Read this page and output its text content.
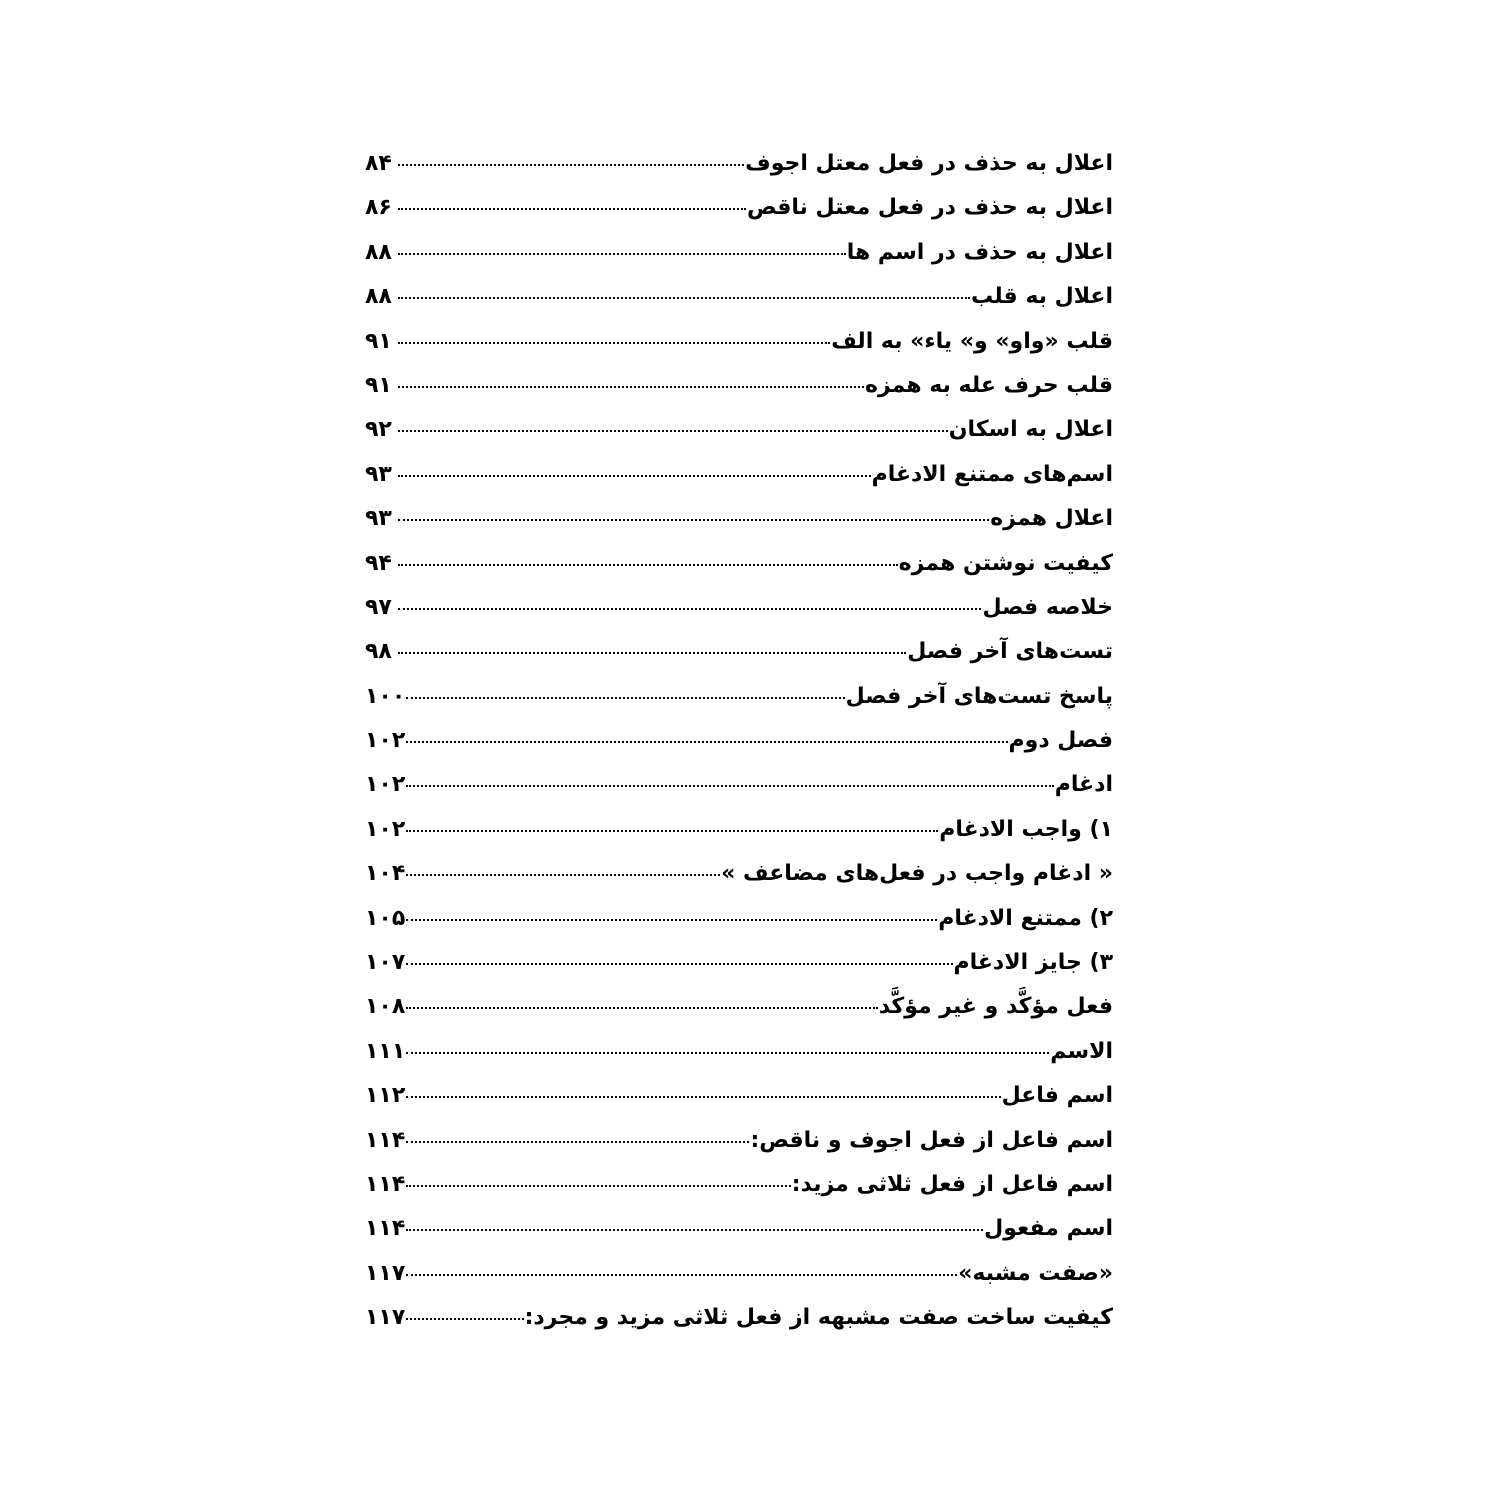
اعلال به حذف در فعل معتل اجوف
۸۴
اعلال به حذف در فعل معتل ناقص
۸۶
اعلال به حذف در اسم ها
۸۸
اعلال به قلب
۸۸
قلب «واو» و» یاء» به الف
۹۱
قلب حرف عله به همزه
۹۱
اعلال به اسکان
۹۲
اسم‌های ممتنع الادغام
۹۳
اعلال همزه
۹۳
کیفیت نوشتن همزه
۹۴
خلاصه فصل
۹۷
تست‌های آخر فصل
۹۸
پاسخ تست‌های آخر فصل
۱۰۰
فصل دوم
۱۰۲
ادغام
۱۰۲
۱) واجب الادغام
۱۰۲
« ادغام واجب در فعل‌های مضاعف »
۱۰۴
۲) ممتنع الادغام
۱۰۵
۳) جایز الادغام
۱۰۷
فعل مؤکَّد و غیر مؤکَّد
۱۰۸
الاسم
۱۱۱
اسم فاعل
۱۱۲
اسم فاعل از فعل اجوف و ناقص:
۱۱۴
اسم فاعل از فعل ثلاثی مزید:
۱۱۴
اسم مفعول
۱۱۴
«صفت مشبه»
۱۱۷
کیفیت ساخت صفت مشبهه از فعل ثلاثی مزید و مجرد:
۱۱۷
